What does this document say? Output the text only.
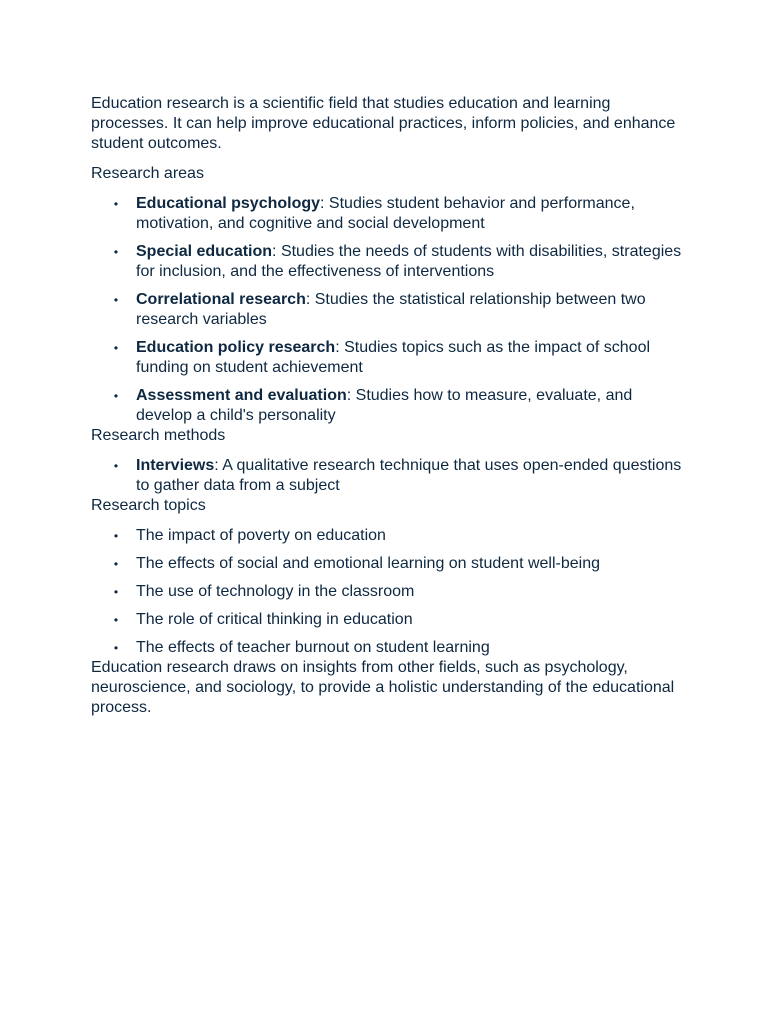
Education research is a scientific field that studies education and learning processes. It can help improve educational practices, inform policies, and enhance student outcomes.

Research areas

• Educational psychology: Studies student behavior and performance, motivation, and cognitive and social development
• Special education: Studies the needs of students with disabilities, strategies for inclusion, and the effectiveness of interventions
• Correlational research: Studies the statistical relationship between two research variables
• Education policy research: Studies topics such as the impact of school funding on student achievement
• Assessment and evaluation: Studies how to measure, evaluate, and develop a child's personality

Research methods

• Interviews: A qualitative research technique that uses open-ended questions to gather data from a subject

Research topics

• The impact of poverty on education
• The effects of social and emotional learning on student well-being
• The use of technology in the classroom
• The role of critical thinking in education
• The effects of teacher burnout on student learning

Education research draws on insights from other fields, such as psychology, neuroscience, and sociology, to provide a holistic understanding of the educational process.
